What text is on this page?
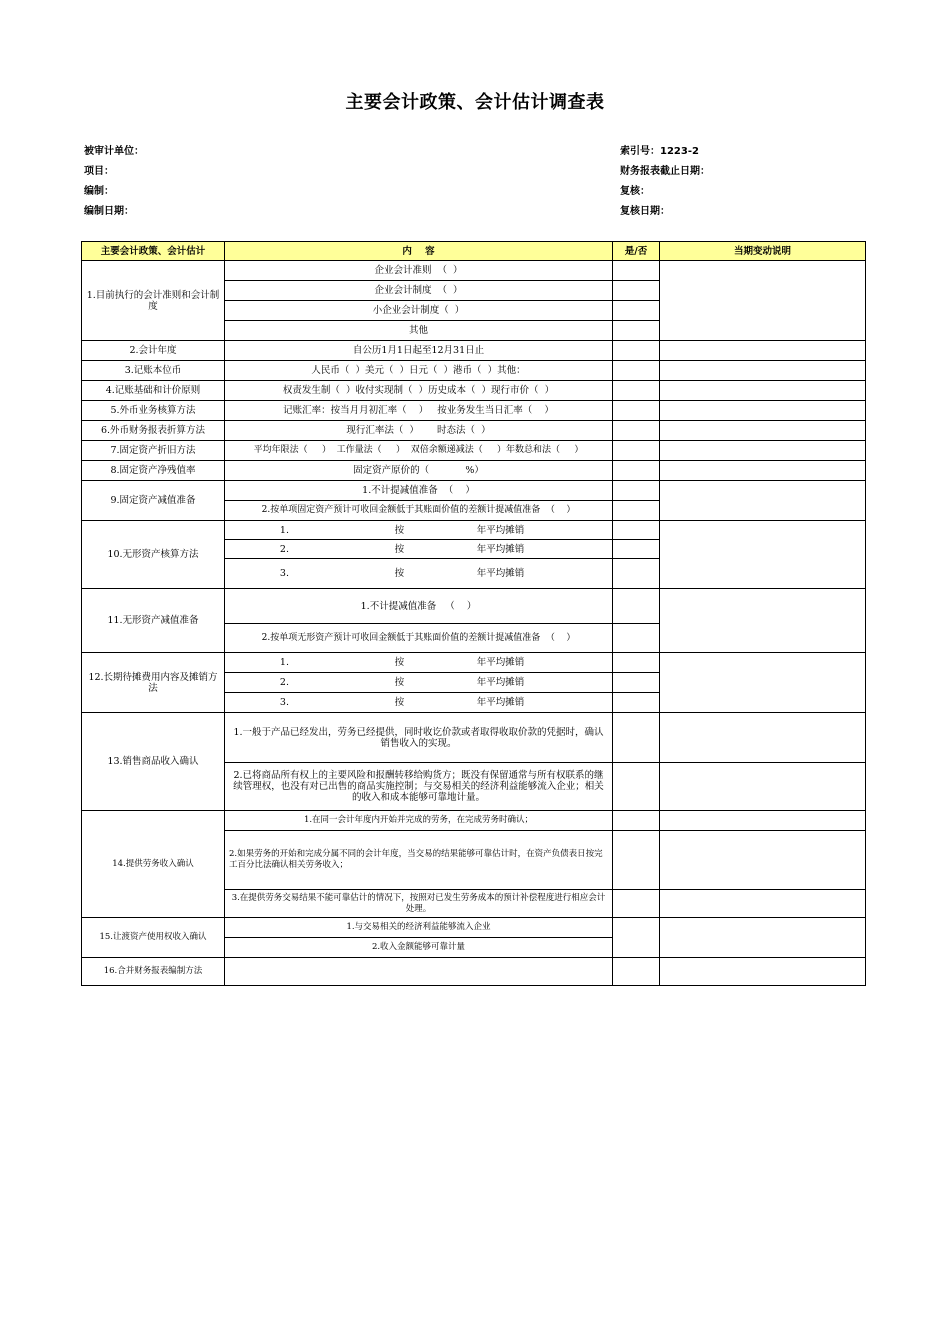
主要会计政策、会计估计调查表
被审计单位：
项目：
编制：
编制日期：
索引号：1223-2
财务报表截止日期：
复核：
复核日期：
主要会计政策、会计估计	内    容	是/否	当期变动说明
1.目前执行的会计准则和会计制度	企业会计准则  （  ）		
	企业会计制度  （  ）		
	小企业会计制度（  ）		
	其他		
2.会计年度	自公历1月1日起至12月31日止		
3.记账本位币	人民币（  ）美元（  ）日元（  ）港币（  ）其他：		
4.记账基础和计价原则	权责发生制（  ）收付实现制（  ）历史成本（  ）现行市价（  ）		
5.外币业务核算方法	记账汇率：按当月月初汇率（    ）   按业务发生当日汇率（    ）		
6.外币财务报表折算方法	现行汇率法（  ）      时态法（  ）		
7.固定资产折旧方法	平均年限法（     ）  工作量法（     ）  双倍余额递减法（     ）年数总和法（     ）		
8.固定资产净残值率	固定资产原价的（            %）		
9.固定资产减值准备	1.不计提减值准备  （    ）		
	2.按单项固定资产预计可收回金额低于其账面价值的差额计提减值准备  （    ）		
10.无形资产核算方法	1. 按 年平均摊销		

	2. 按 年平均摊销		

	3. 按 年平均摊销		

11.无形资产减值准备	1.不计提减值准备   （    ）		
	2.按单项无形资产预计可收回金额低于其账面价值的差额计提减值准备  （    ）		
12.长期待摊费用内容及摊销方法	1. 按 年平均摊销		

	2. 按 年平均摊销		

	3. 按 年平均摊销		

13.销售商品收入确认	1.一般于产品已经发出，劳务已经提供，同时收讫价款或者取得收取价款的凭据时，确认销售收入的实现。		
	2.已将商品所有权上的主要风险和报酬转移给购货方；既没有保留通常与所有权联系的继续管理权，也没有对已出售的商品实施控制；与交易相关的经济利益能够流入企业；相关的收入和成本能够可靠地计量。		
14.提供劳务收入确认	1.在同一会计年度内开始并完成的劳务，在完成劳务时确认；		
	2.如果劳务的开始和完成分属不同的会计年度，当交易的结果能够可靠估计时，在资产负债表日按完工百分比法确认相关劳务收入；		
	3.在提供劳务交易结果不能可靠估计的情况下，按照对已发生劳务成本的预计补偿程度进行相应会计处理。		
15.让渡资产使用权收入确认	1.与交易相关的经济利益能够流入企业		
	2.收入金额能够可靠计量		
16.合并财务报表编制方法			
